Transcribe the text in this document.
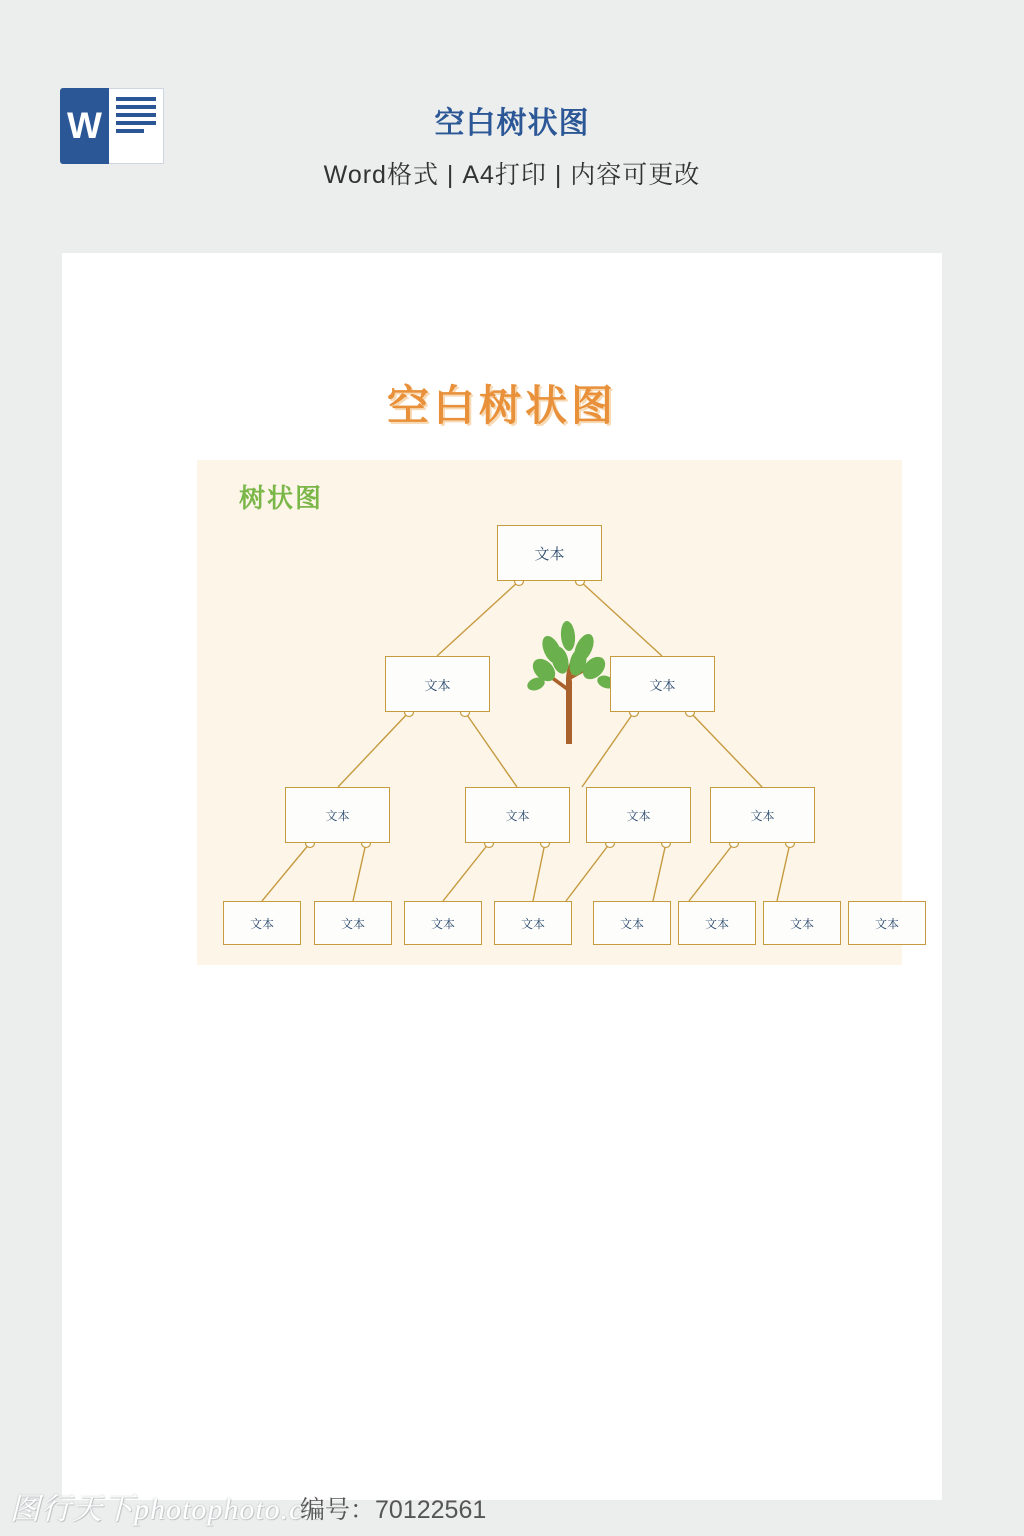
W	空白树状图
Word格式 | A4打印 | 内容可更改
空白树状图
树状图
文本
文本	文本
文本	文本	文本	文本
文本	文本	文本	文本	文本	文本	文本	文本
图行天下photophoto.cn
编号：70122561
